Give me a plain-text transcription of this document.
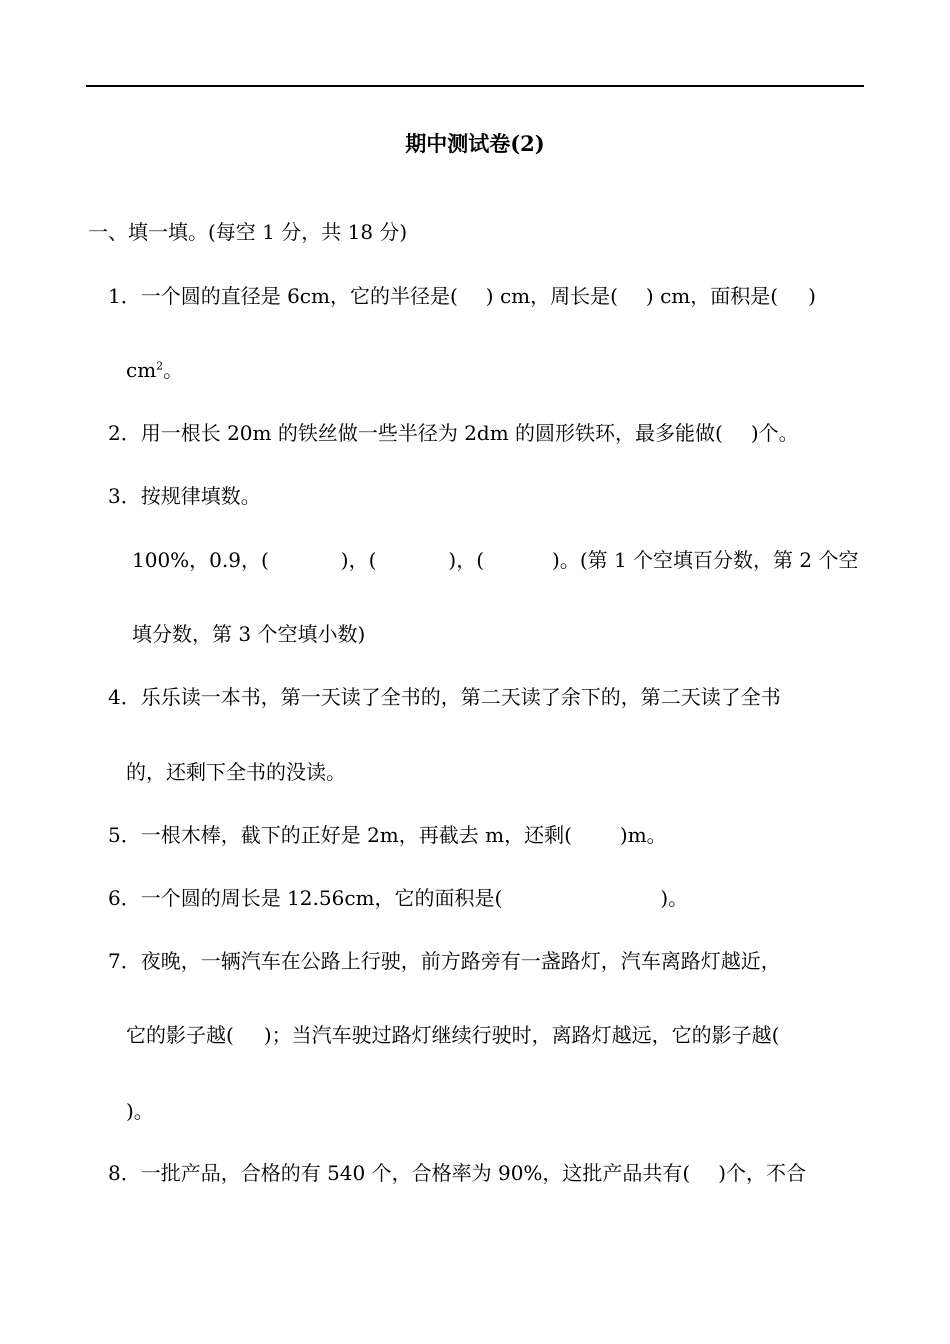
期中测试卷(2)
一、填一填。(每空 1 分，共 18 分)
1．一个圆的直径是 6cm，它的半径是( ) cm，周长是( ) cm，面积是( )
$cm^2$。
2．用一根长 20m 的铁丝做一些半径为 2dm 的圆形铁环，最多能做( )个。
3．按规律填数。
100%，0.9，(	)，(	)，(	)。(第 1 个空填百分数，第 2 个空
填分数，第 3 个空填小数)
4．乐乐读一本书，第一天读了全书的，第二天读了余下的，第二天读了全书
的，还剩下全书的没读。
5．一根木棒，截下的正好是 2m，再截去 m，还剩( )m。
6．一个圆的周长是 12.56cm，它的面积是(	)。
7．夜晚，一辆汽车在公路上行驶，前方路旁有一盏路灯，汽车离路灯越近，
它的影子越( )；当汽车驶过路灯继续行驶时，离路灯越远，它的影子越(
)。
8．一批产品，合格的有 540 个，合格率为 90%，这批产品共有( )个，不合
